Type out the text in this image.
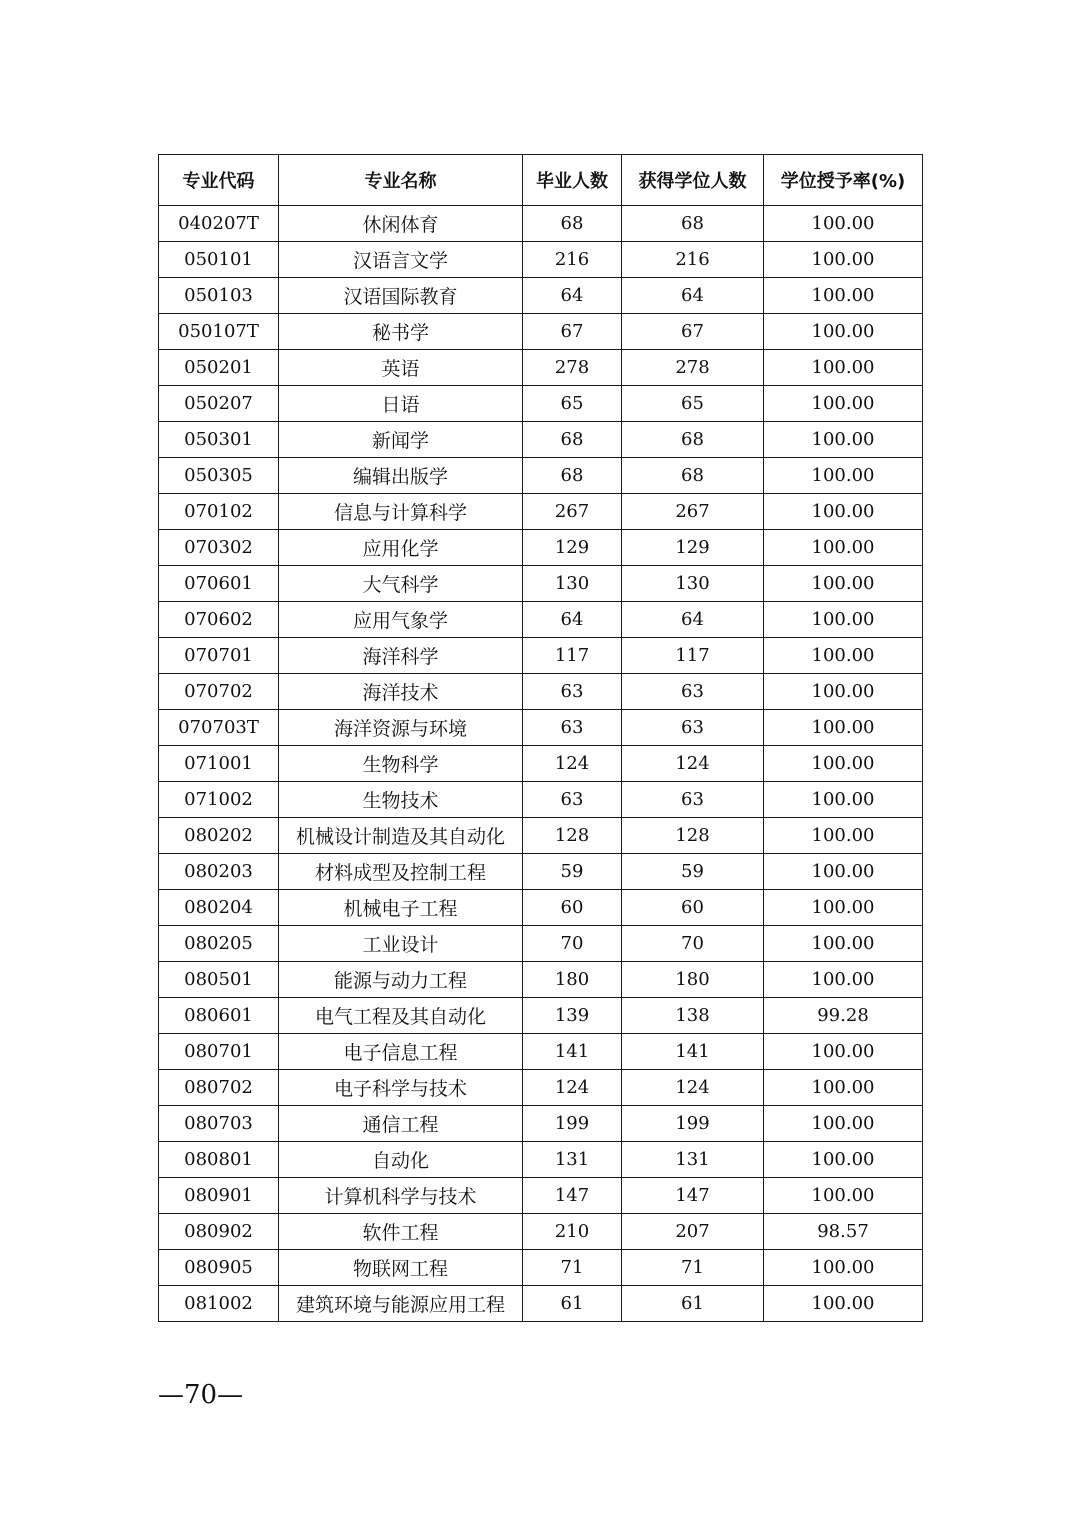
专业代码	专业名称	毕业人数	获得学位人数	学位授予率(%)
040207T	休闲体育	68	68	100.00
050101	汉语言文学	216	216	100.00
050103	汉语国际教育	64	64	100.00
050107T	秘书学	67	67	100.00
050201	英语	278	278	100.00
050207	日语	65	65	100.00
050301	新闻学	68	68	100.00
050305	编辑出版学	68	68	100.00
070102	信息与计算科学	267	267	100.00
070302	应用化学	129	129	100.00
070601	大气科学	130	130	100.00
070602	应用气象学	64	64	100.00
070701	海洋科学	117	117	100.00
070702	海洋技术	63	63	100.00
070703T	海洋资源与环境	63	63	100.00
071001	生物科学	124	124	100.00
071002	生物技术	63	63	100.00
080202	机械设计制造及其自动化	128	128	100.00
080203	材料成型及控制工程	59	59	100.00
080204	机械电子工程	60	60	100.00
080205	工业设计	70	70	100.00
080501	能源与动力工程	180	180	100.00
080601	电气工程及其自动化	139	138	99.28
080701	电子信息工程	141	141	100.00
080702	电子科学与技术	124	124	100.00
080703	通信工程	199	199	100.00
080801	自动化	131	131	100.00
080901	计算机科学与技术	147	147	100.00
080902	软件工程	210	207	98.57
080905	物联网工程	71	71	100.00
081002	建筑环境与能源应用工程	61	61	100.00
—70—
